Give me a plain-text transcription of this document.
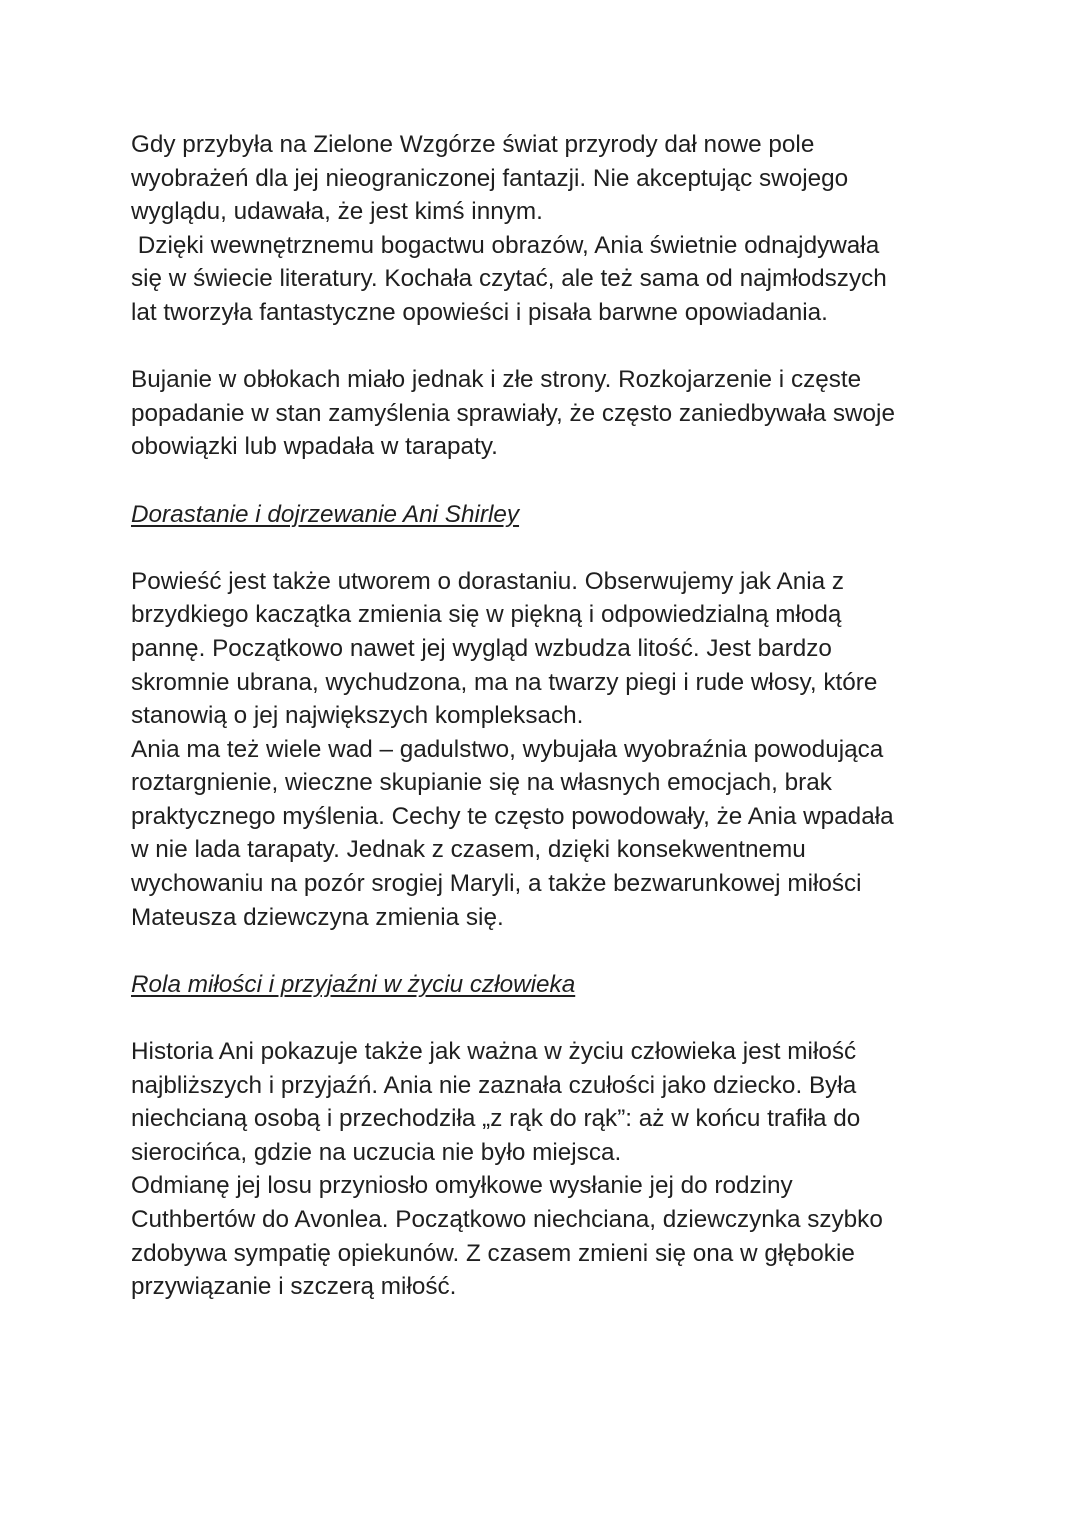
Gdy przybyła na Zielone Wzgórze świat przyrody dał nowe pole
wyobrażeń dla jej nieograniczonej fantazji. Nie akceptując swojego
wyglądu, udawała, że jest kimś innym.
Dzięki wewnętrznemu bogactwu obrazów, Ania świetnie odnajdywała
się w świecie literatury. Kochała czytać, ale też sama od najmłodszych
lat tworzyła fantastyczne opowieści i pisała barwne opowiadania.
Bujanie w obłokach miało jednak i złe strony. Rozkojarzenie i częste
popadanie w stan zamyślenia sprawiały, że często zaniedbywała swoje
obowiązki lub wpadała w tarapaty.
Dorastanie i dojrzewanie Ani Shirley
Powieść jest także utworem o dorastaniu. Obserwujemy jak Ania z
brzydkiego kaczątka zmienia się w piękną i odpowiedzialną młodą
pannę. Początkowo nawet jej wygląd wzbudza litość. Jest bardzo
skromnie ubrana, wychudzona, ma na twarzy piegi i rude włosy, które
stanowią o jej największych kompleksach.
Ania ma też wiele wad – gadulstwo, wybujała wyobraźnia powodująca
roztargnienie, wieczne skupianie się na własnych emocjach, brak
praktycznego myślenia. Cechy te często powodowały, że Ania wpadała
w nie lada tarapaty. Jednak z czasem, dzięki konsekwentnemu
wychowaniu na pozór srogiej Maryli, a także bezwarunkowej miłości
Mateusza dziewczyna zmienia się.
Rola miłości i przyjaźni w życiu człowieka
Historia Ani pokazuje także jak ważna w życiu człowieka jest miłość
najbliższych i przyjaźń. Ania nie zaznała czułości jako dziecko. Była
niechcianą osobą i przechodziła „z rąk do rąk”: aż w końcu trafiła do
sierocińca, gdzie na uczucia nie było miejsca.
Odmianę jej losu przyniosło omyłkowe wysłanie jej do rodziny
Cuthbertów do Avonlea. Początkowo niechciana, dziewczynka szybko
zdobywa sympatię opiekunów. Z czasem zmieni się ona w głębokie
przywiązanie i szczerą miłość.
